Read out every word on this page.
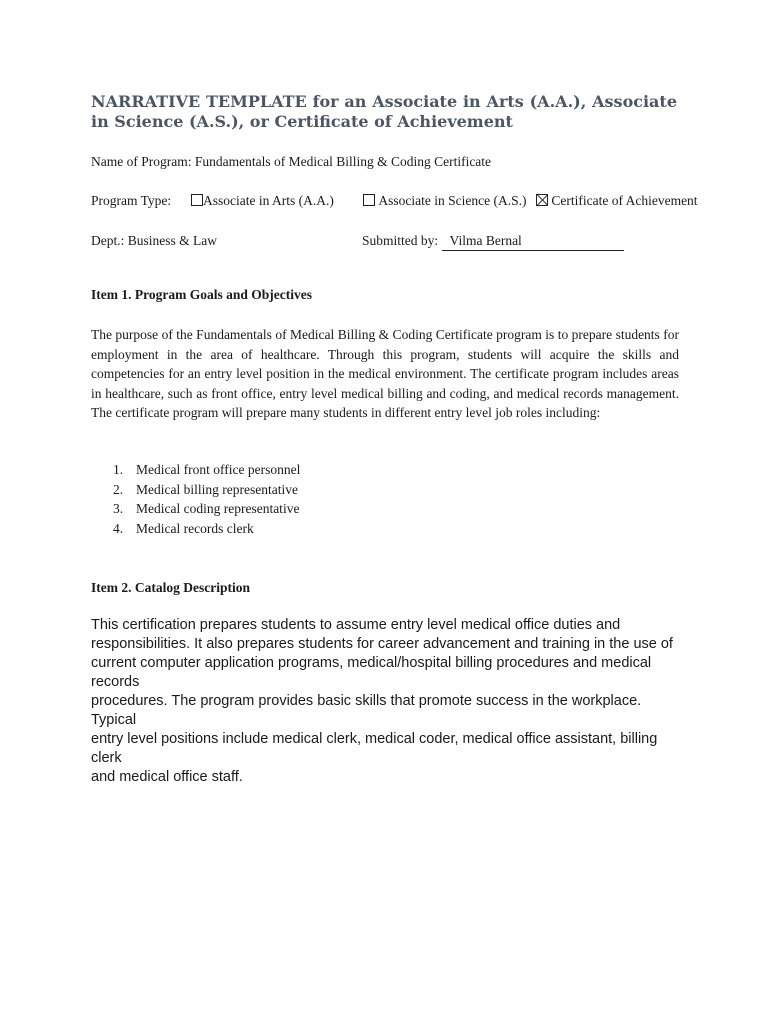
NARRATIVE TEMPLATE for an Associate in Arts (A.A.), Associate in Science (A.S.), or Certificate of Achievement
Name of Program: Fundamentals of Medical Billing & Coding Certificate
Program Type:	Associate in Arts (A.A.)	Associate in Science (A.S.)	Certificate of Achievement
Dept.: Business & Law	Submitted by: Vilma Bernal
Item 1. Program Goals and Objectives
The purpose of the Fundamentals of Medical Billing & Coding Certificate program is to prepare students for employment in the area of healthcare. Through this program, students will acquire the skills and competencies for an entry level position in the medical environment. The certificate program includes areas in healthcare, such as front office, entry level medical billing and coding, and medical records management. The certificate program will prepare many students in different entry level job roles including:
1. Medical front office personnel
2. Medical billing representative
3. Medical coding representative
4. Medical records clerk
Item 2. Catalog Description
This certification prepares students to assume entry level medical office duties and
responsibilities. It also prepares students for career advancement and training in the use of
current computer application programs, medical/hospital billing procedures and medical records
procedures. The program provides basic skills that promote success in the workplace. Typical
entry level positions include medical clerk, medical coder, medical office assistant, billing clerk
and medical office staff.
